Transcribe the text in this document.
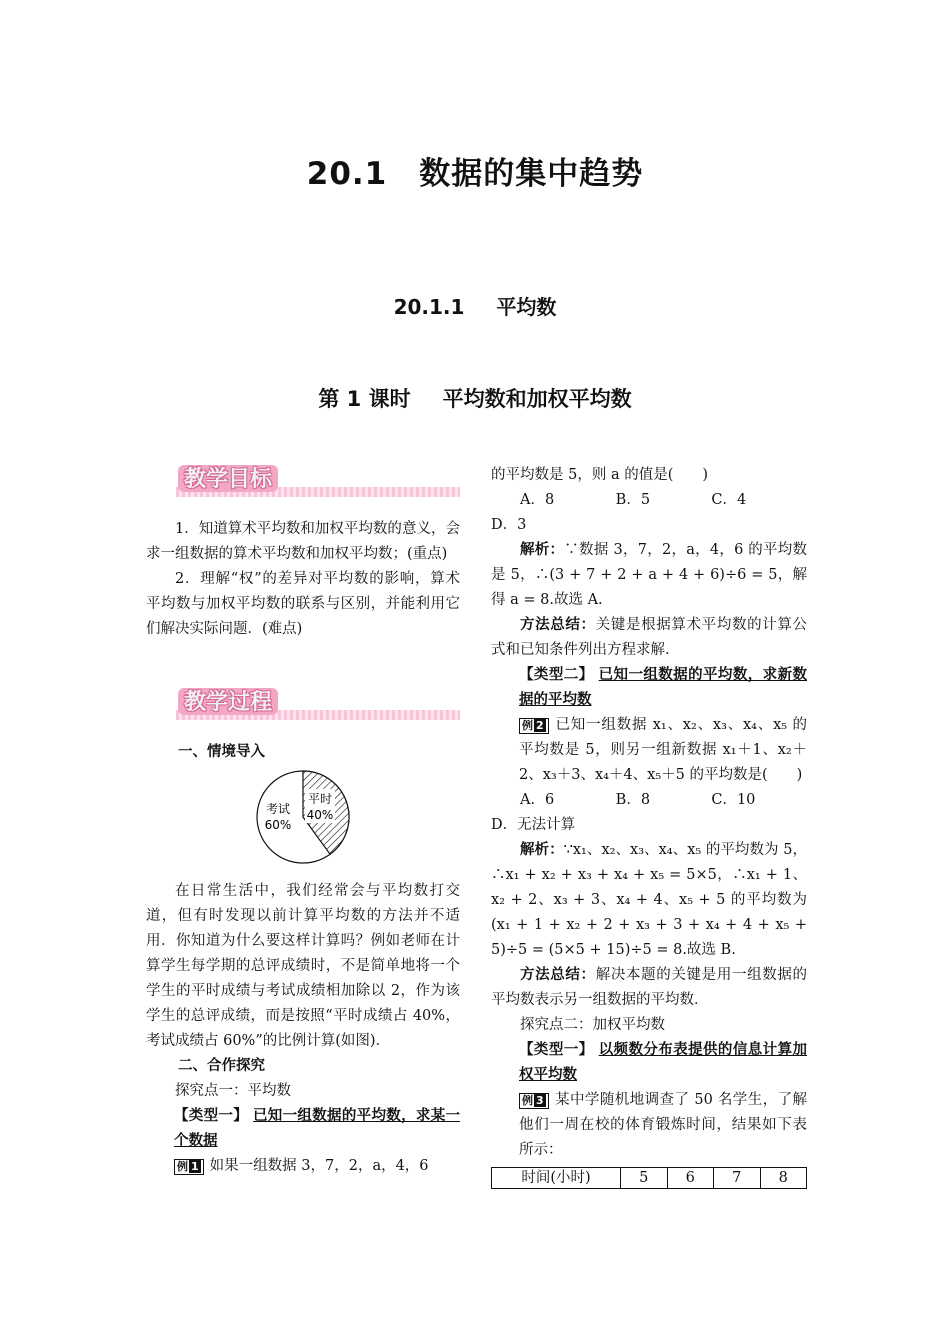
20.1 数据的集中趋势
20.1.1 平均数
第 1 课时 平均数和加权平均数
教学目标

1．知道算术平均数和加权平均数的意义，会求一组数据的算术平均数和加权平均数；(重点)

2．理解“权”的差异对平均数的影响，算术平均数与加权平均数的联系与区别，并能利用它们解决实际问题．(难点)

教学过程

一、情境导入

平时
40%
考试
60%

在日常生活中，我们经常会与平均数打交道，但有时发现以前计算平均数的方法并不适用．你知道为什么要这样计算吗？例如老师在计算学生每学期的总评成绩时，不是简单地将一个学生的平时成绩与考试成绩相加除以 2，作为该学生的总评成绩，而是按照“平时成绩占 40%，考试成绩占 60%”的比例计算(如图)．

二、合作探究

探究点一：平均数

【类型一】 已知一组数据的平均数，求某一个数据

例 1 如果一组数据 3，7，2，a，4，6

的平均数是 5，则 a 的值是(　　)

A．8	B．5	C．4

D．3

解析：∵数据 3，7，2，a，4，6 的平均数是 5，∴(3 + 7 + 2 + a + 4 + 6)÷6 = 5，解得 a = 8.故选 A.

方法总结：关键是根据算术平均数的计算公式和已知条件列出方程求解．

【类型二】 已知一组数据的平均数，求新数据的平均数

例 2 已知一组数据 x₁、x₂、x₃、x₄、x₅ 的平均数是 5，则另一组新数据 x₁＋1、x₂＋2、x₃＋3、x₄＋4、x₅＋5 的平均数是(　　)

A．6	B．8	C．10

D．无法计算

解析：∵x₁、x₂、x₃、x₄、x₅ 的平均数为 5，∴x₁ + x₂ + x₃ + x₄ + x₅ = 5×5，∴x₁ + 1、x₂ + 2、x₃ + 3、x₄ + 4、x₅ + 5 的平均数为(x₁ + 1 + x₂ + 2 + x₃ + 3 + x₄ + 4 + x₅ + 5)÷5 = (5×5 + 15)÷5 = 8.故选 B.

方法总结：解决本题的关键是用一组数据的平均数表示另一组数据的平均数．

探究点二：加权平均数

【类型一】 以频数分布表提供的信息计算加权平均数

例 3 某中学随机地调查了 50 名学生，了解他们一周在校的体育锻炼时间，结果如下表所示：

时间(小时)	5	6	7	8
